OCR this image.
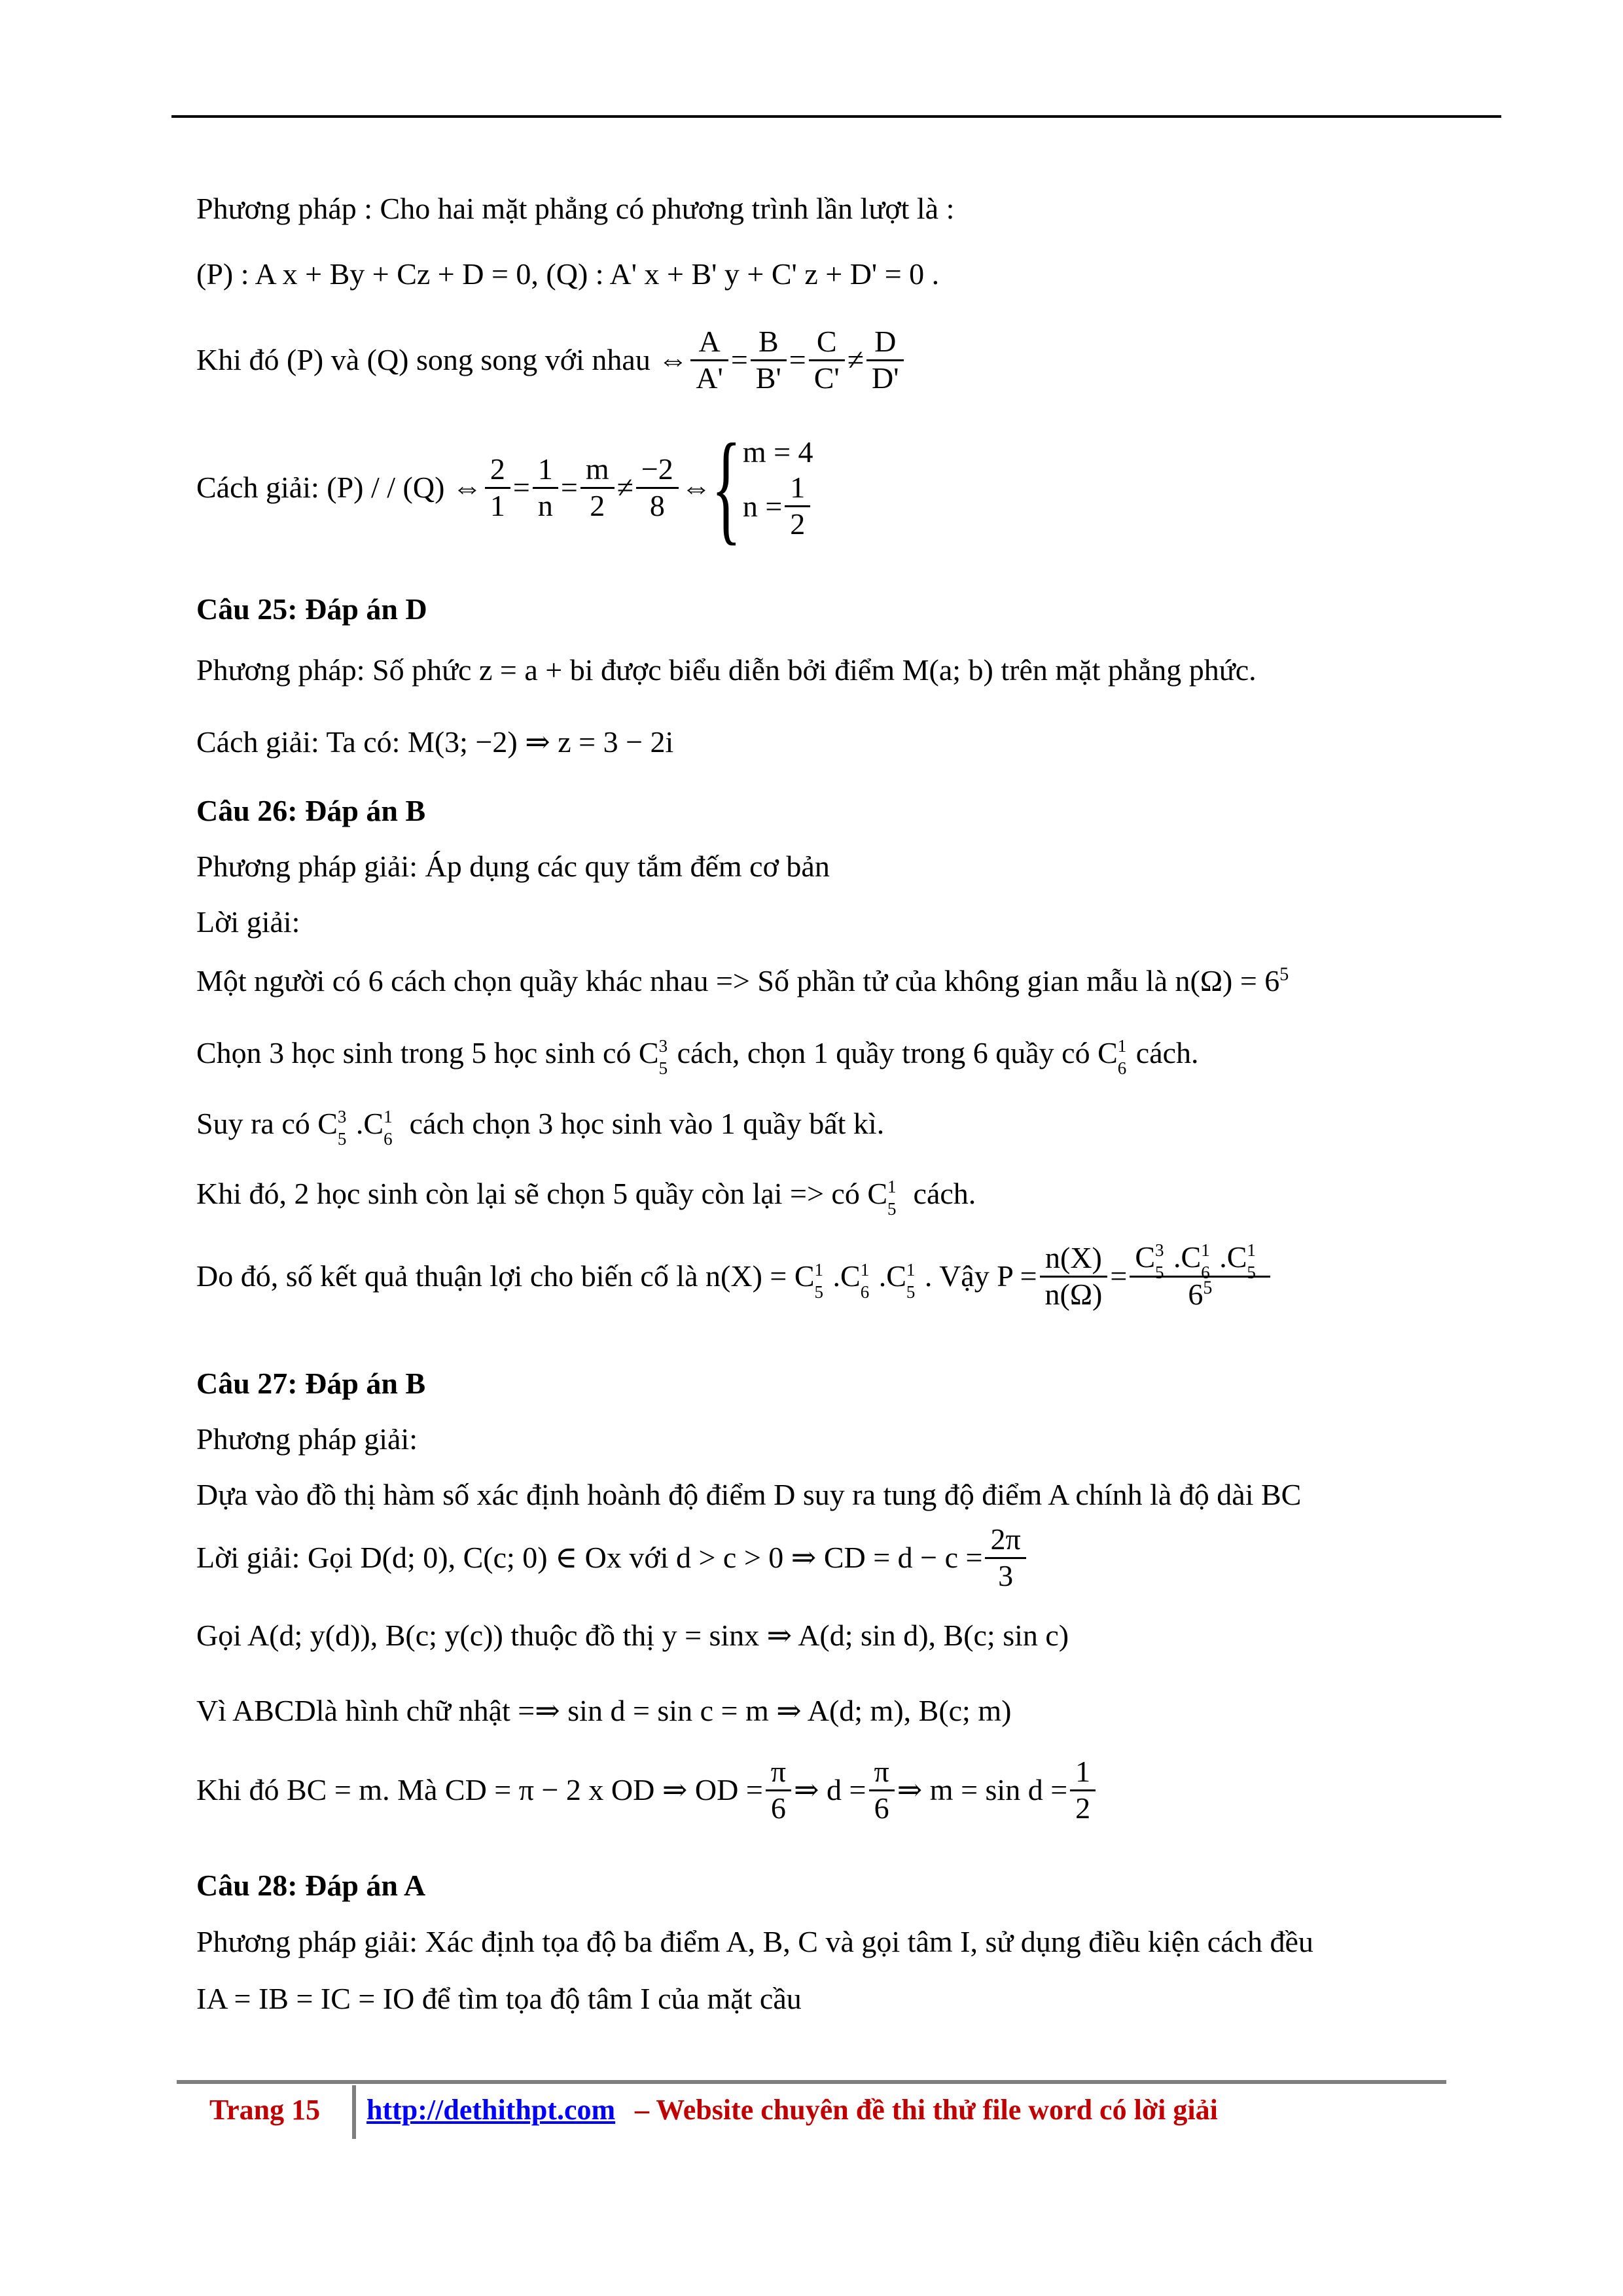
Phương pháp : Cho hai mặt phẳng có phương trình lần lượt là :
(P) : A x + By + Cz + D = 0, (Q) : A' x + B' y + C' z + D' = 0 .
Khi đó (P) và (Q) song song với nhau ⇔ $\frac{A}{A'} = \frac{B}{B'} = \frac{C}{C'} \ne \frac{D}{D'}$
Cách giải: (P) / / (Q) ⇔ $\frac{2}{1} = \frac{1}{n} = \frac{m}{2} \ne \frac{-2}{8}$ ⇔ { m = 4
$n = \frac{1}{2}$
Câu 25: Đáp án D
Phương pháp: Số phức z = a + bi được biểu diễn bởi điểm M(a; b) trên mặt phẳng phức.
Cách giải: Ta có: M(3; −2) ⇒ z = 3 − 2i
Câu 26: Đáp án B
Phương pháp giải: Áp dụng các quy tắm đếm cơ bản
Lời giải:
Một người có 6 cách chọn quầy khác nhau => Số phần tử của không gian mẫu là $n(\Omega) = 6^5$
Chọn 3 học sinh trong 5 học sinh có C 3
5 cách, chọn 1 quầy trong 6 quầy có C 1
6 cách.
Suy ra có C 3
5 .C 1
6 cách chọn 3 học sinh vào 1 quầy bất kì.
Khi đó, 2 học sinh còn lại sẽ chọn 5 quầy còn lại => có C 1
5 cách.
Do đó, số kết quả thuận lợi cho biến cố là n(X) = C 1
5 .C 1
6 .C 1
5 . Vậy $P = \frac{n(X)}{n(\Omega)} = C$ 3
5 .C 1
6 .C 1
5
$6^5$
Câu 27: Đáp án B
Phương pháp giải:
Dựa vào đồ thị hàm số xác định hoành độ điểm D suy ra tung độ điểm A chính là độ dài BC
Lời giải: Gọi D(d; 0), C(c; 0) ∈ Ox với d > c > 0 ⇒ CD = $d - c = \frac{2\pi}{3}$
Gọi A(d; y(d)), B(c; y(c)) thuộc đồ thị y = sinx ⇒ A(d; sin d), B(c; sin c)
Vì ABCDlà hình chữ nhật =⇒ sin d = sin c = m ⇒ A(d; m), B(c; m)
Khi đó BC = m. Mà CD = π − 2 x OD ⇒ OD = $\frac{\pi}{6}$ ⇒ $d = \frac{\pi}{6}$ ⇒ $m = \sin d = \frac{1}{2}$
Câu 28: Đáp án A
Phương pháp giải: Xác định tọa độ ba điểm A, B, C và gọi tâm I, sử dụng điều kiện cách đều
IA = IB = IC = IO để tìm tọa độ tâm I của mặt cầu
Trang 15 http://dethithpt.com – Website chuyên đề thi thử file word có lời giải
